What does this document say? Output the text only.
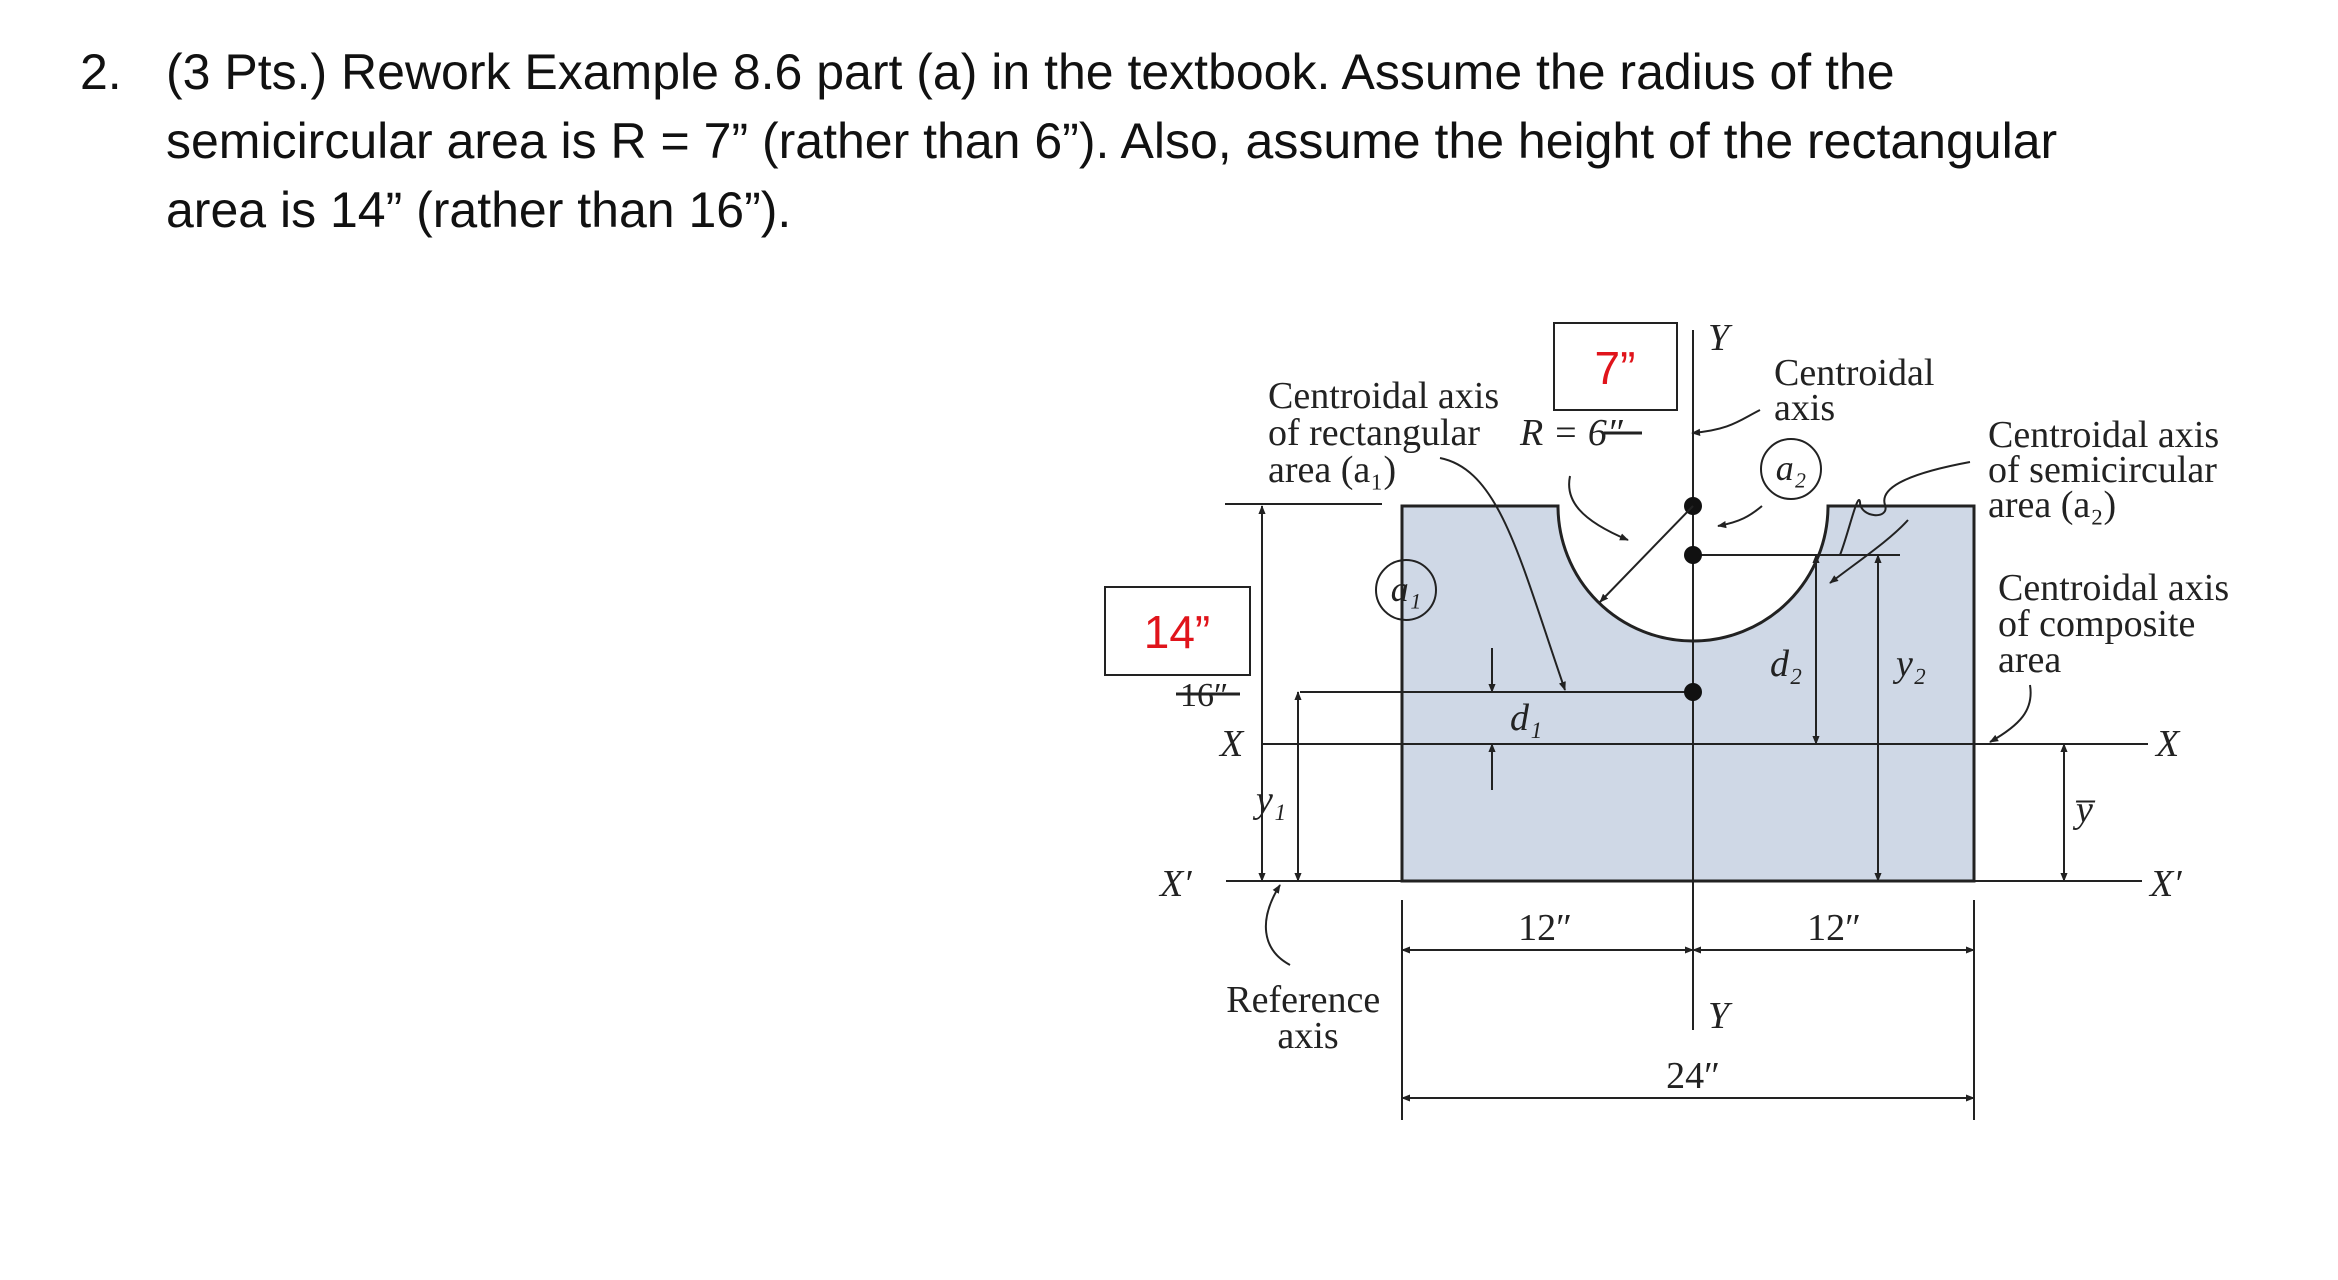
2. (3 Pts.) Rework Example 8.6 part (a) in the textbook. Assume the radius of the
semicircular area is R = 7” (rather than 6”). Also, assume the height of the rectangular
area is 14” (rather than 16”).
Centroidal axis of rectangular area (a₁)
R = 6″
Centroidal axis
Centroidal axis of semicircular area (a₂)
Centroidal axis of composite area
Reference axis
a₁
a₂
d₁
d₂
y₁
y₂
y̅
X	X
X′	X′
Y
Y
12″	12″
24″
16″
7”
14”
